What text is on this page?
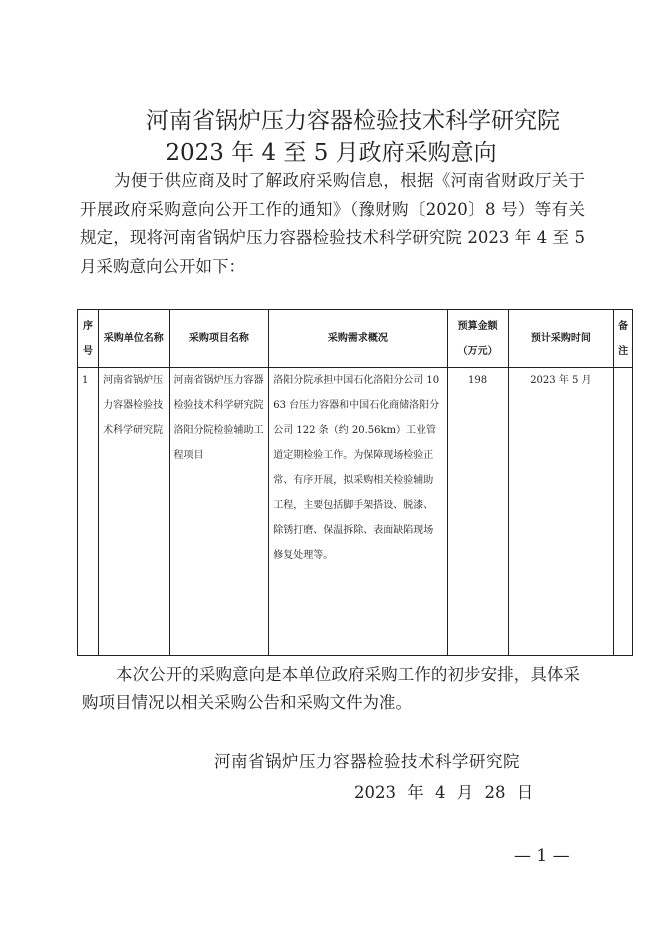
河南省锅炉压力容器检验技术科学研究院
2023 年 4 至 5 月政府采购意向

为便于供应商及时了解政府采购信息，根据《河南省财政厅关于开展政府采购意向公开工作的通知》（豫财购〔2020〕8 号）等有关规定，现将河南省锅炉压力容器检验技术科学研究院 2023 年 4 至 5 月采购意向公开如下：

序号	采购单位名称	采购项目名称	采购需求概况	预算金额（万元）	预计采购时间	备注
1	河南省锅炉压力容器检验技术科学研究院	河南省锅炉压力容器检验技术科学研究院洛阳分院检验辅助工程项目	洛阳分院承担中国石化洛阳分公司 1063 台压力容器和中国石化商储洛阳分公司 122 条（约 20.56km）工业管道定期检验工作。为保障现场检验正常、有序开展，拟采购相关检验辅助工程，主要包括脚手架搭设、脱漆、除锈打磨、保温拆除、表面缺陷现场修复处理等。	198	2023 年 5 月	

本次公开的采购意向是本单位政府采购工作的初步安排，具体采购项目情况以相关采购公告和采购文件为准。

河南省锅炉压力容器检验技术科学研究院
2023 年 4 月 28 日
— 1 —
